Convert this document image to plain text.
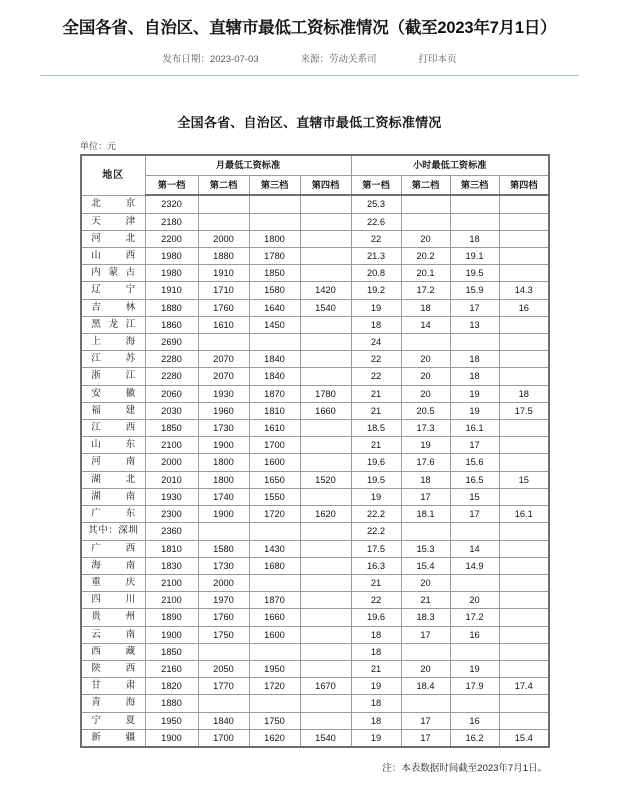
全国各省、自治区、直辖市最低工资标准情况（截至2023年7月1日）
发布日期：2023-07-03	来源：劳动关系司	打印本页
全国各省、自治区、直辖市最低工资标准情况
单位：元
地区	月最低工资标准				小时最低工资标准			
	第一档	第二档	第三档	第四档	第一档	第二档	第三档	第四档
北 京	2320				25.3			
天 津	2180				22.6			
河 北	2200	2000	1800		22	20	18	
山 西	1980	1880	1780		21.3	20.2	19.1	
内蒙古	1980	1910	1850		20.8	20.1	19.5	
辽 宁	1910	1710	1580	1420	19.2	17.2	15.9	14.3
吉 林	1880	1760	1640	1540	19	18	17	16
黑龙江	1860	1610	1450		18	14	13	
上 海	2690				24			
江 苏	2280	2070	1840		22	20	18	
浙 江	2280	2070	1840		22	20	18	
安 徽	2060	1930	1870	1780	21	20	19	18
福 建	2030	1960	1810	1660	21	20.5	19	17.5
江 西	1850	1730	1610		18.5	17.3	16.1	
山 东	2100	1900	1700		21	19	17	
河 南	2000	1800	1600		19.6	17.6	15.6	
湖 北	2010	1800	1650	1520	19.5	18	16.5	15
湖 南	1930	1740	1550		19	17	15	
广 东	2300	1900	1720	1620	22.2	18.1	17	16.1
其中：深圳	2360				22.2			
广 西	1810	1580	1430		17.5	15.3	14	
海 南	1830	1730	1680		16.3	15.4	14.9	
重 庆	2100	2000			21	20		
四 川	2100	1970	1870		22	21	20	
贵 州	1890	1760	1660		19.6	18.3	17.2	
云 南	1900	1750	1600		18	17	16	
西 藏	1850				18			
陕 西	2160	2050	1950		21	20	19	
甘 肃	1820	1770	1720	1670	19	18.4	17.9	17.4
青 海	1880				18			
宁 夏	1950	1840	1750		18	17	16	
新 疆	1900	1700	1620	1540	19	17	16.2	15.4
注：本表数据时间截至2023年7月1日。
